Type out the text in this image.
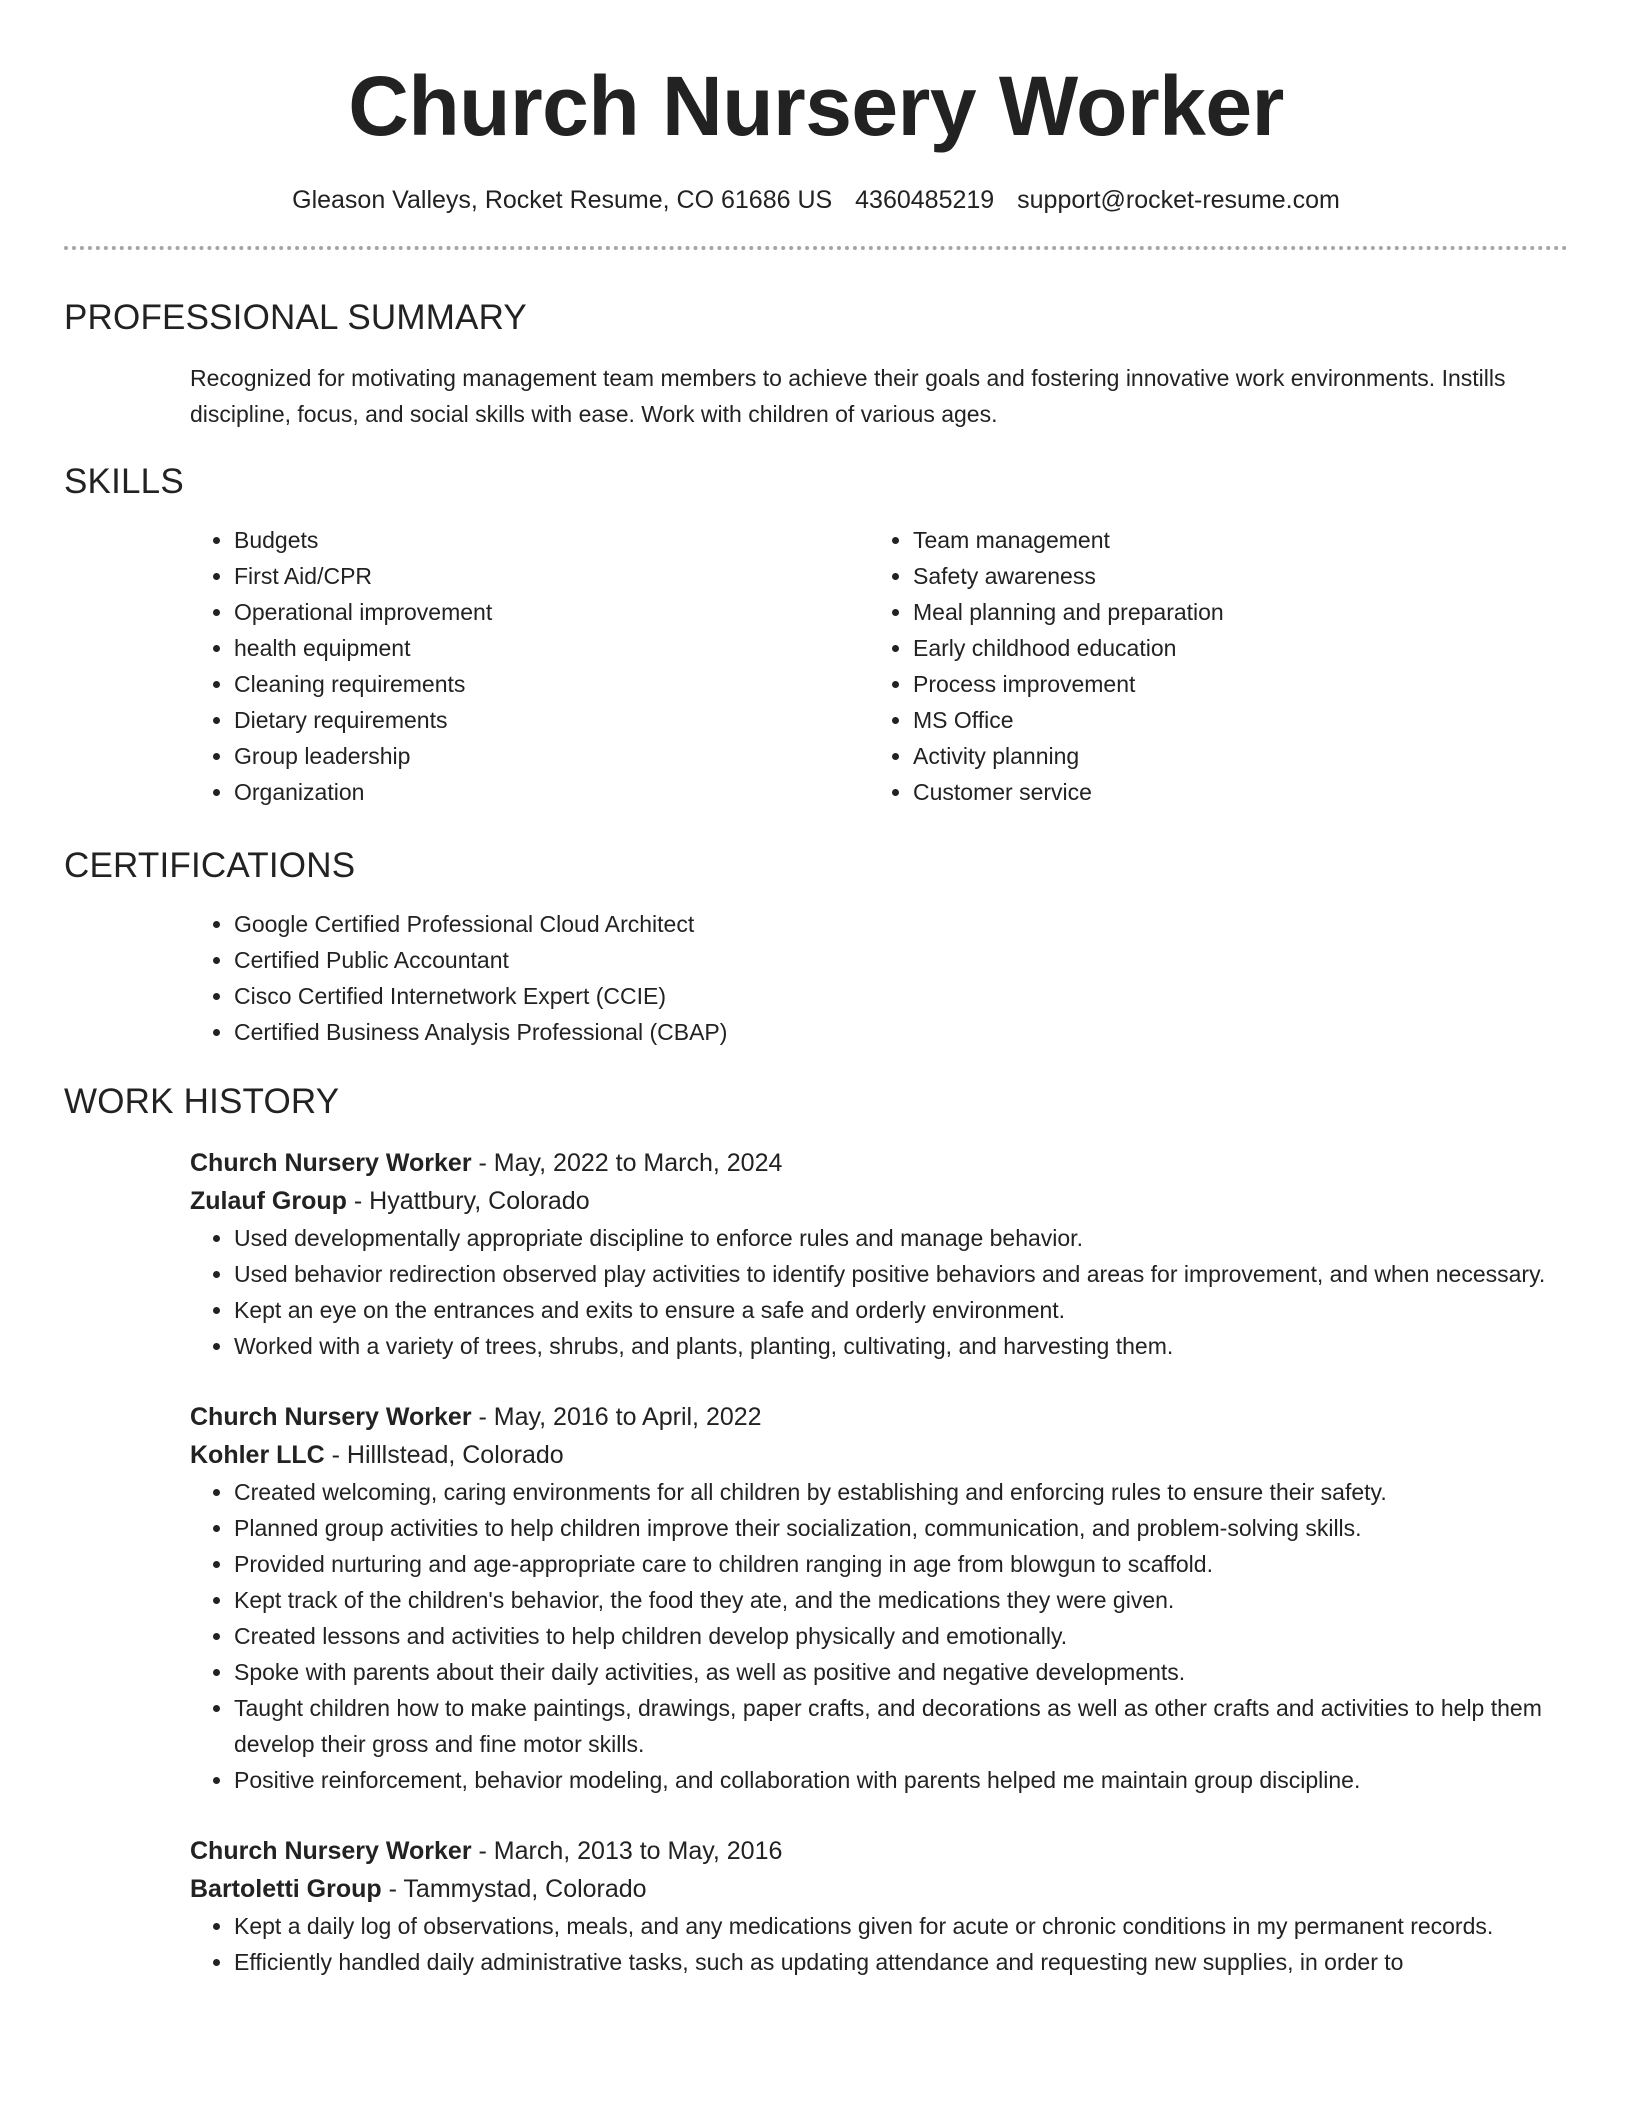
Church Nursery Worker
Gleason Valleys, Rocket Resume, CO 61686 US 4360485219 support@rocket-resume.com
PROFESSIONAL SUMMARY

Recognized for motivating management team members to achieve their goals and fostering innovative work environments. Instills discipline, focus, and social skills with ease. Work with children of various ages.

SKILLS
• Budgets
• First Aid/CPR
• Operational improvement
• health equipment
• Cleaning requirements
• Dietary requirements
• Group leadership
• Organization
• Team management
• Safety awareness
• Meal planning and preparation
• Early childhood education
• Process improvement
• MS Office
• Activity planning
• Customer service
CERTIFICATIONS
• Google Certified Professional Cloud Architect
• Certified Public Accountant
• Cisco Certified Internetwork Expert (CCIE)
• Certified Business Analysis Professional (CBAP)
WORK HISTORY
Church Nursery Worker - May, 2022 to March, 2024
Zulauf Group - Hyattbury, Colorado
• Used developmentally appropriate discipline to enforce rules and manage behavior.
• Used behavior redirection observed play activities to identify positive behaviors and areas for improvement, and when necessary.
• Kept an eye on the entrances and exits to ensure a safe and orderly environment.
• Worked with a variety of trees, shrubs, and plants, planting, cultivating, and harvesting them.
Church Nursery Worker - May, 2016 to April, 2022
Kohler LLC - Hilllstead, Colorado
• Created welcoming, caring environments for all children by establishing and enforcing rules to ensure their safety.
• Planned group activities to help children improve their socialization, communication, and problem-solving skills.
• Provided nurturing and age-appropriate care to children ranging in age from blowgun to scaffold.
• Kept track of the children's behavior, the food they ate, and the medications they were given.
• Created lessons and activities to help children develop physically and emotionally.
• Spoke with parents about their daily activities, as well as positive and negative developments.
• Taught children how to make paintings, drawings, paper crafts, and decorations as well as other crafts and activities to help them develop their gross and fine motor skills.
• Positive reinforcement, behavior modeling, and collaboration with parents helped me maintain group discipline.
Church Nursery Worker - March, 2013 to May, 2016
Bartoletti Group - Tammystad, Colorado
• Kept a daily log of observations, meals, and any medications given for acute or chronic conditions in my permanent records.
• Efficiently handled daily administrative tasks, such as updating attendance and requesting new supplies, in order to
